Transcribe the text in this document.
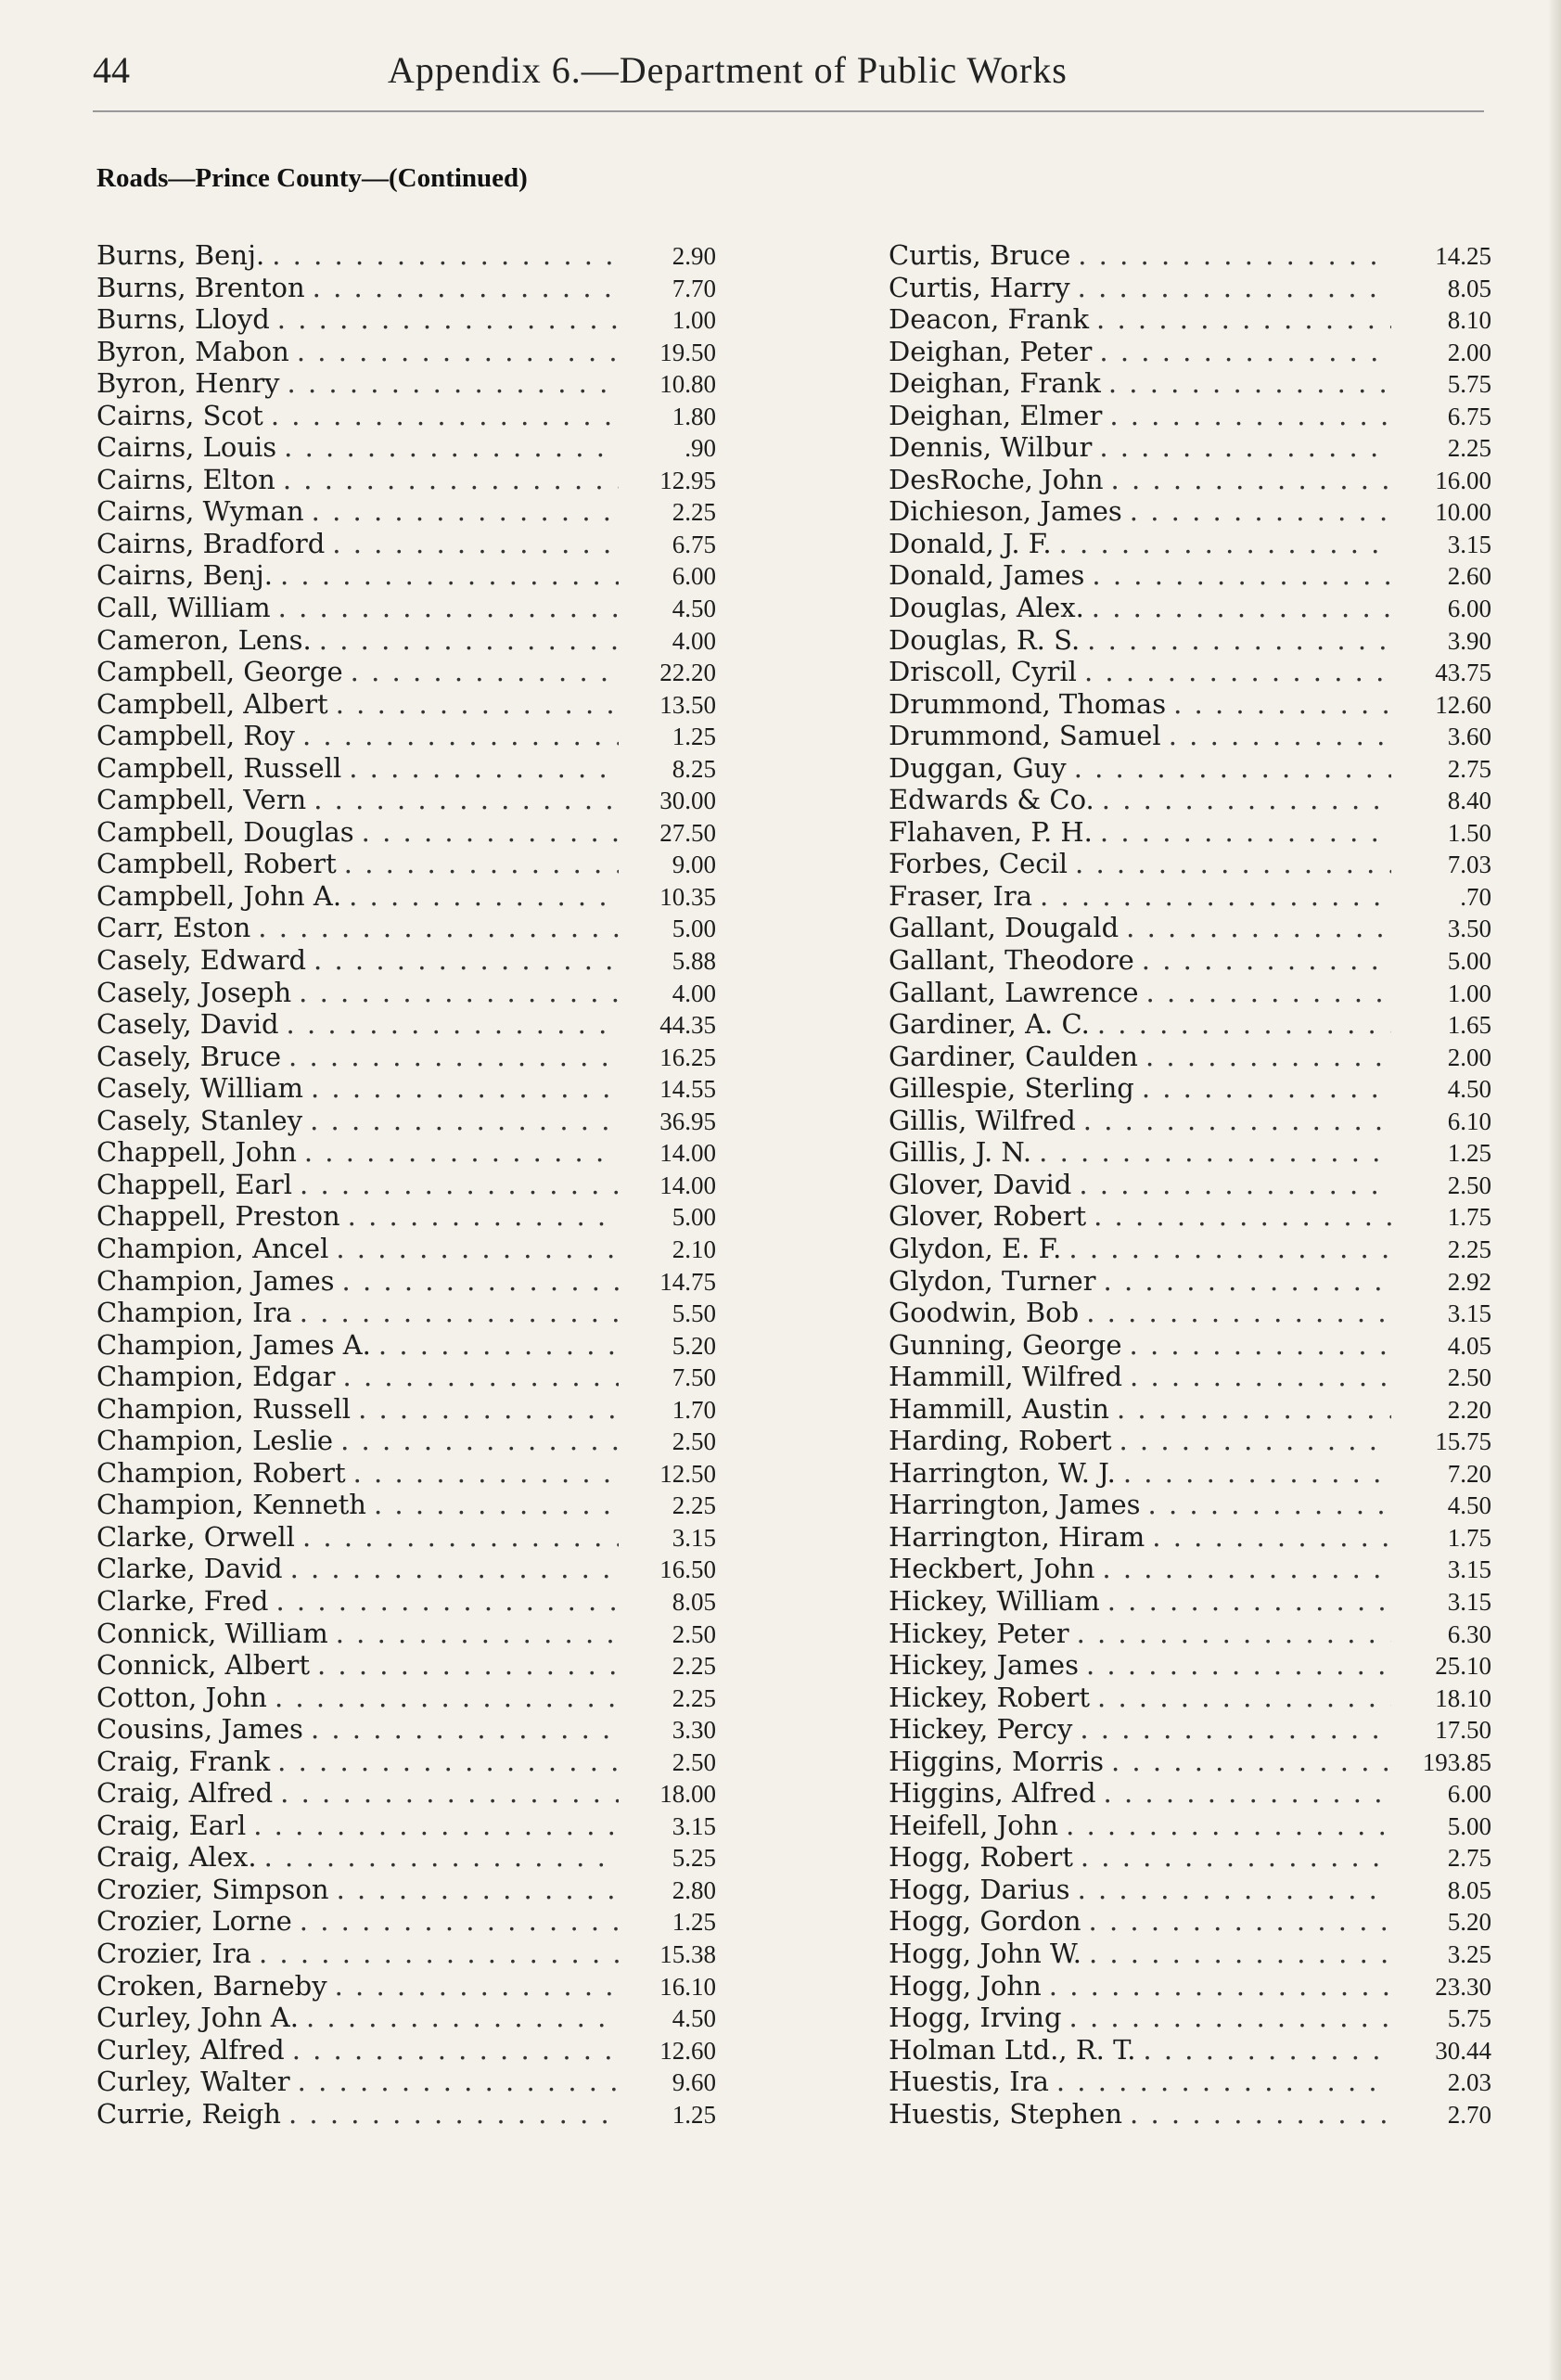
44	Appendix 6.—Department of Public Works
Roads—Prince County—(Continued)
Burns, Benj. . . .	2.90
Burns, Brenton . . .	7.70
Burns, Lloyd . . .	1.00
Byron, Mabon . . .	19.50
Byron, Henry . . .	10.80
Cairns, Scot . . .	1.80
Cairns, Louis . . .	.90
Cairns, Elton . . .	12.95
Cairns, Wyman . . .	2.25
Cairns, Bradford . . .	6.75
Cairns, Benj. . . .	6.00
Call, William . . .	4.50
Cameron, Lens. . . .	4.00
Campbell, George . . .	22.20
Campbell, Albert . . .	13.50
Campbell, Roy . . .	1.25
Campbell, Russell . . .	8.25
Campbell, Vern . . .	30.00
Campbell, Douglas . . .	27.50
Campbell, Robert . . .	9.00
Campbell, John A. . . .	10.35
Carr, Eston . . .	5.00
Casely, Edward . . .	5.88
Casely, Joseph . . .	4.00
Casely, David . . .	44.35
Casely, Bruce . . .	16.25
Casely, William . . .	14.55
Casely, Stanley . . .	36.95
Chappell, John . . .	14.00
Chappell, Earl . . .	14.00
Chappell, Preston . . .	5.00
Champion, Ancel . . .	2.10
Champion, James . . .	14.75
Champion, Ira . . .	5.50
Champion, James A. . . .	5.20
Champion, Edgar . . .	7.50
Champion, Russell . . .	1.70
Champion, Leslie . . .	2.50
Champion, Robert . . .	12.50
Champion, Kenneth . . .	2.25
Clarke, Orwell . . .	3.15
Clarke, David . . .	16.50
Clarke, Fred . . .	8.05
Connick, William . . .	2.50
Connick, Albert . . .	2.25
Cotton, John . . .	2.25
Cousins, James . . .	3.30
Craig, Frank . . .	2.50
Craig, Alfred . . .	18.00
Craig, Earl . . .	3.15
Craig, Alex. . . .	5.25
Crozier, Simpson . . .	2.80
Crozier, Lorne . . .	1.25
Crozier, Ira . . .	15.38
Croken, Barneby . . .	16.10
Curley, John A. . . .	4.50
Curley, Alfred . . .	12.60
Curley, Walter . . .	9.60
Currie, Reigh . . .	1.25
Curtis, Bruce . . .	14.25
Curtis, Harry . . .	8.05
Deacon, Frank . . .	8.10
Deighan, Peter . . .	2.00
Deighan, Frank . . .	5.75
Deighan, Elmer . . .	6.75
Dennis, Wilbur . . .	2.25
DesRoche, John . . .	16.00
Dichieson, James . . .	10.00
Donald, J. F. . . .	3.15
Donald, James . . .	2.60
Douglas, Alex. . . .	6.00
Douglas, R. S. . . .	3.90
Driscoll, Cyril . . .	43.75
Drummond, Thomas . . .	12.60
Drummond, Samuel . . .	3.60
Duggan, Guy . . .	2.75
Edwards & Co. . . .	8.40
Flahaven, P. H. . . .	1.50
Forbes, Cecil . . .	7.03
Fraser, Ira . . .	.70
Gallant, Dougald . . .	3.50
Gallant, Theodore . . .	5.00
Gallant, Lawrence . . .	1.00
Gardiner, A. C. . . .	1.65
Gardiner, Caulden . . .	2.00
Gillespie, Sterling . . .	4.50
Gillis, Wilfred . . .	6.10
Gillis, J. N. . . .	1.25
Glover, David . . .	2.50
Glover, Robert . . .	1.75
Glydon, E. F. . . .	2.25
Glydon, Turner . . .	2.92
Goodwin, Bob . . .	3.15
Gunning, George . . .	4.05
Hammill, Wilfred . . .	2.50
Hammill, Austin . . .	2.20
Harding, Robert . . .	15.75
Harrington, W. J. . . .	7.20
Harrington, James . . .	4.50
Harrington, Hiram . . .	1.75
Heckbert, John . . .	3.15
Hickey, William . . .	3.15
Hickey, Peter . . .	6.30
Hickey, James . . .	25.10
Hickey, Robert . . .	18.10
Hickey, Percy . . .	17.50
Higgins, Morris . . .	193.85
Higgins, Alfred . . .	6.00
Heifell, John . . .	5.00
Hogg, Robert . . .	2.75
Hogg, Darius . . .	8.05
Hogg, Gordon . . .	5.20
Hogg, John W. . . .	3.25
Hogg, John . . .	23.30
Hogg, Irving . . .	5.75
Holman Ltd., R. T. . . .	30.44
Huestis, Ira . . .	2.03
Huestis, Stephen . . .	2.70
